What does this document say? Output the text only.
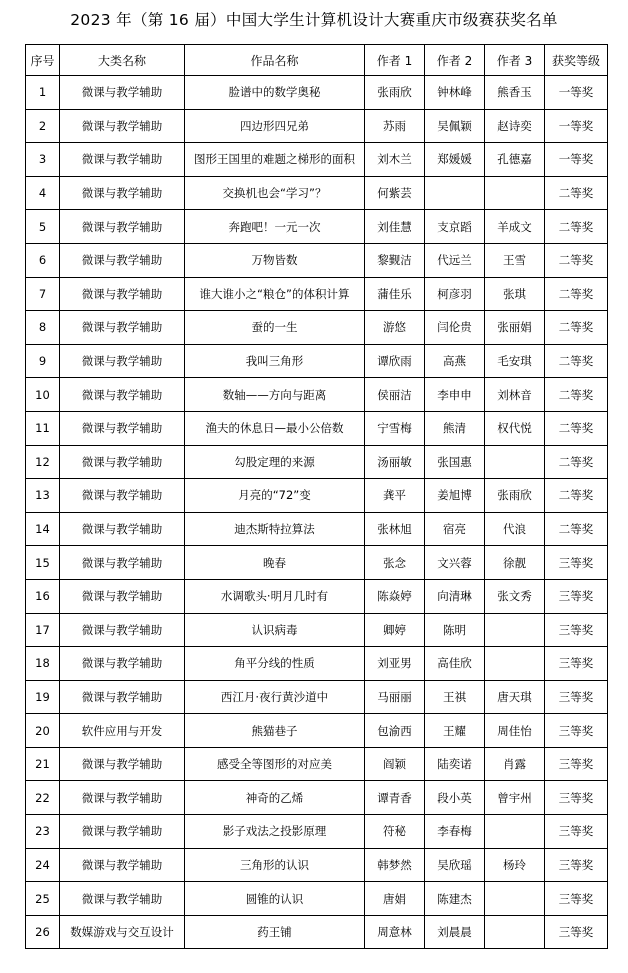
2023 年（第 16 届）中国大学生计算机设计大赛重庆市级赛获奖名单
序号	大类名称	作品名称	作者 1	作者 2	作者 3	获奖等级
1	微课与教学辅助	脸谱中的数学奥秘	张雨欣	钟林峰	熊香玉	一等奖
2	微课与教学辅助	四边形四兄弟	苏雨	吴佩颖	赵诗奕	一等奖
3	微课与教学辅助	图形王国里的难题之梯形的面积	刘木兰	郑媛媛	孔德嘉	一等奖
4	微课与教学辅助	交换机也会“学习”？	何紫芸			二等奖
5	微课与教学辅助	奔跑吧！一元一次	刘佳慧	支京蹈	羊成文	二等奖
6	微课与教学辅助	万物皆数	黎觐洁	代远兰	王雪	二等奖
7	微课与教学辅助	谁大谁小之“粮仓”的体积计算	蒲佳乐	柯彦羽	张琪	二等奖
8	微课与教学辅助	蚕的一生	游悠	闫伦贵	张丽娟	二等奖
9	微课与教学辅助	我叫三角形	谭欣雨	高燕	毛安琪	二等奖
10	微课与教学辅助	数轴——方向与距离	侯丽洁	李申申	刘林音	二等奖
11	微课与教学辅助	渔夫的休息日—最小公倍数	宁雪梅	熊清	权代悦	二等奖
12	微课与教学辅助	勾股定理的来源	汤丽敏	张国惠		二等奖
13	微课与教学辅助	月亮的“72”变	龚平	姜旭博	张雨欣	二等奖
14	微课与教学辅助	迪杰斯特拉算法	张林旭	宿亮	代浪	二等奖
15	微课与教学辅助	晚春	张念	文兴蓉	徐靓	三等奖
16	微课与教学辅助	水调歌头·明月几时有	陈焱婷	向清琳	张文秀	三等奖
17	微课与教学辅助	认识病毒	卿婷	陈明		三等奖
18	微课与教学辅助	角平分线的性质	刘亚男	高佳欣		三等奖
19	微课与教学辅助	西江月·夜行黄沙道中	马丽丽	王祺	唐天琪	三等奖
20	软件应用与开发	熊猫巷子	包渝西	王耀	周佳怡	三等奖
21	微课与教学辅助	感受全等图形的对应美	阎颖	陆奕诺	肖露	三等奖
22	微课与教学辅助	神奇的乙烯	谭青香	段小英	曾宇州	三等奖
23	微课与教学辅助	影子戏法之投影原理	符秘	李春梅		三等奖
24	微课与教学辅助	三角形的认识	韩梦然	吴欣瑶	杨玲	三等奖
25	微课与教学辅助	圆锥的认识	唐娟	陈建杰		三等奖
26	数媒游戏与交互设计	药王铺	周意林	刘晨晨		三等奖
